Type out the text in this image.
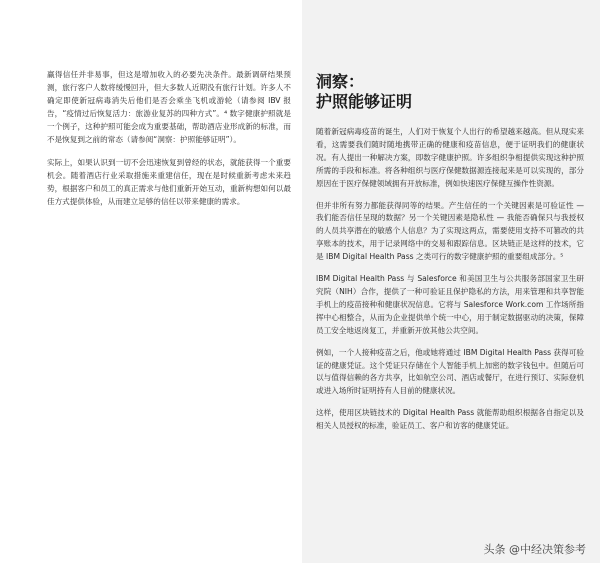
赢得信任并非易事，但这是增加收入的必要先决条件。最新调研结果预测，旅行客户人数将缓慢回升，但大多数人近期没有旅行计划。许多人不确定即使新冠病毒消失后他们是否会乘坐飞机或游轮（请参阅 IBV 报告，“疫情过后恢复活力：旅游业复苏的四种方式”。⁴ 数字健康护照就是一个例子，这种护照可能会成为重要基础，帮助酒店业形成新的标准，而不是恢复到之前的常态（请参阅“洞察：护照能够证明”）。

实际上，如果认识到一切不会迅速恢复到曾经的状态，就能获得一个重要机会。随着酒店行业采取措施来重建信任，现在是时候重新考虑未来趋势，根据客户和员工的真正需求与他们重新开始互动，重新构想如何以最佳方式提供体验，从而建立足够的信任以带来健康的需求。

洞察：
护照能够证明

随着新冠病毒疫苗的诞生，人们对于恢复个人出行的希望越来越高。但从现实来看，这需要我们随时随地携带正确的健康和疫苗信息，便于证明我们的健康状况。有人提出一种解决方案，即数字健康护照。许多组织争相提供实现这种护照所需的手段和标准。将各种组织与医疗保健数据源连接起来是可以实现的，部分原因在于医疗保健领域拥有开放标准，例如快速医疗保健互操作性资源。

但并非所有努力都能获得同等的结果。产生信任的一个关键因素是可验证性 — 我们能否信任呈现的数据？另一个关键因素是隐私性 — 我能否确保只与我授权的人员共享潜在的敏感个人信息？为了实现这两点，需要使用支持不可篡改的共享账本的技术，用于记录网络中的交易和跟踪信息。区块链正是这样的技术，它是 IBM Digital Health Pass 之类可行的数字健康护照的重要组成部分。⁵

IBM Digital Health Pass 与 Salesforce 和美国卫生与公共服务部国家卫生研究院（NIH）合作，提供了一种可验证且保护隐私的方法，用来管理和共享智能手机上的疫苗接种和健康状况信息。它将与 Salesforce Work.com 工作场所指挥中心相整合，从而为企业提供单个统一中心，用于制定数据驱动的决策，保障员工安全地返岗复工，并重新开放其他公共空间。

例如，一个人接种疫苗之后，他或她将通过 IBM Digital Health Pass 获得可验证的健康凭证。这个凭证只存储在个人智能手机上加密的数字钱包中。但随后可以与值得信赖的各方共享，比如航空公司、酒店或餐厅，在进行预订、实际登机或进入场所时证明持有人目前的健康状况。

这样，使用区块链技术的 Digital Health Pass 就能帮助组织根据各自指定以及相关人员授权的标准，验证员工、客户和访客的健康凭证。

头条 @中经决策参考
